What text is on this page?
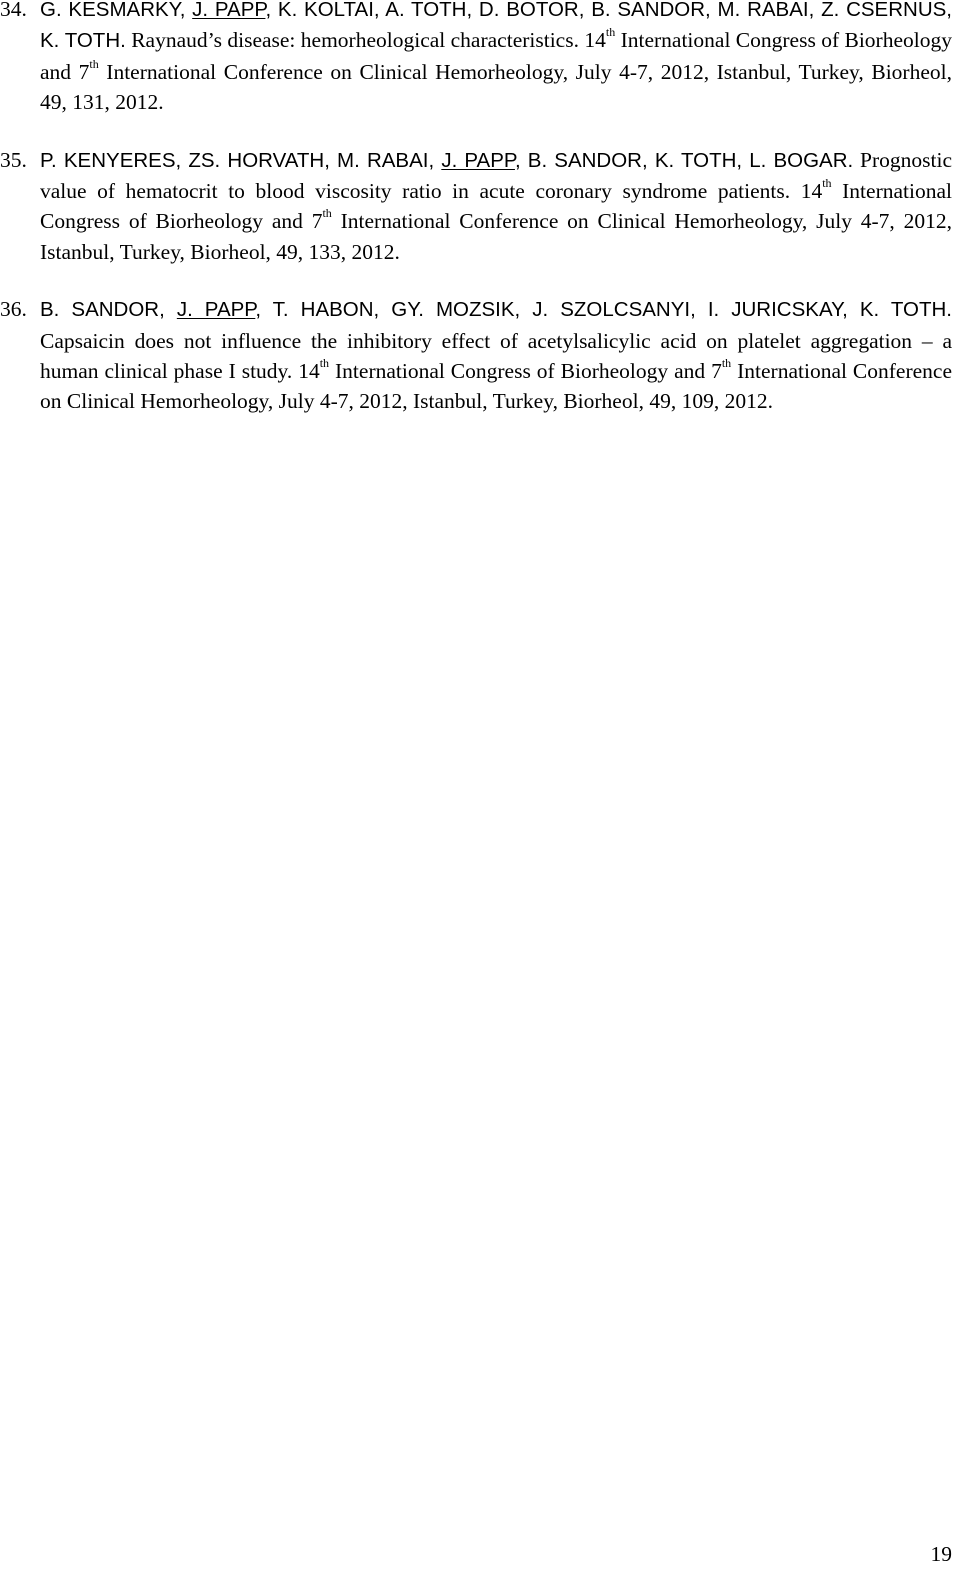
34. G. KESMARKY, J. PAPP, K. KOLTAI, A. TOTH, D. BOTOR, B. SANDOR, M. RABAI, Z. CSERNUS, K. TOTH. Raynaud’s disease: hemorheological characteristics. 14th International Congress of Biorheology and 7th International Conference on Clinical Hemorheology, July 4-7, 2012, Istanbul, Turkey, Biorheol, 49, 131, 2012.
35. P. KENYERES, ZS. HORVATH, M. RABAI, J. PAPP, B. SANDOR, K. TOTH, L. BOGAR. Prognostic value of hematocrit to blood viscosity ratio in acute coronary syndrome patients. 14th International Congress of Biorheology and 7th International Conference on Clinical Hemorheology, July 4-7, 2012, Istanbul, Turkey, Biorheol, 49, 133, 2012.
36. B. SANDOR, J. PAPP, T. HABON, GY. MOZSIK, J. SZOLCSANYI, I. JURICSKAY, K. TOTH. Capsaicin does not influence the inhibitory effect of acetylsalicylic acid on platelet aggregation – a human clinical phase I study. 14th International Congress of Biorheology and 7th International Conference on Clinical Hemorheology, July 4-7, 2012, Istanbul, Turkey, Biorheol, 49, 109, 2012.
19
